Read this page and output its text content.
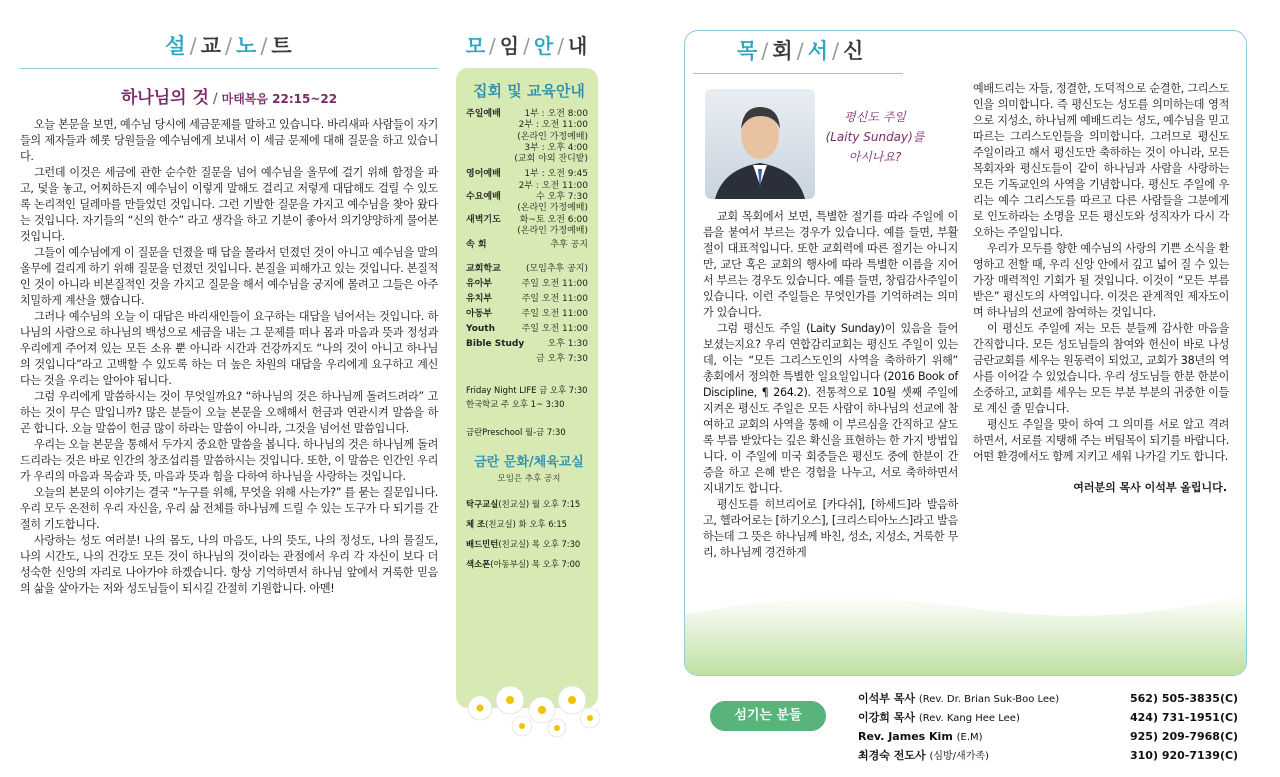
설 / 교 / 노 / 트
하나님의 것 / 마태복음 22:15~22

오늘 본문을 보면, 예수님 당시에 세금문제를 말하고 있습니다. 바리새파 사람들이 자기들의 제자들과 헤롯 당원들을 예수님에게 보내서 이 세금 문제에 대해 질문을 하고 있습니다.

그런데 이것은 세금에 관한 순수한 질문을 넘어 예수님을 올무에 걸기 위해 함정을 파고, 덫을 놓고, 어찌하든지 예수님이 이렇게 말해도 걸리고 저렇게 대답해도 걸릴 수 있도록 논리적인 딜레마를 만들었던 것입니다. 그런 기발한 질문을 가지고 예수님을 찾아 왔다는 것입니다. 자기들의 “신의 한수” 라고 생각을 하고 기분이 좋아서 의기양양하게 물어본 것입니다.

그들이 예수님에게 이 질문을 던졌을 때 답을 몰라서 던졌던 것이 아니고 예수님을 말의 올무에 걸리게 하기 위해 질문을 던졌던 것입니다. 본질을 피해가고 있는 것입니다. 본질적인 것이 아니라 비본질적인 것을 가지고 질문을 해서 예수님을 궁지에 몰려고 그들은 아주 치밀하게 계산을 했습니다.

그러나 예수님의 오늘 이 대답은 바리새인들이 요구하는 대답을 넘어서는 것입니다. 하나님의 사람으로 하나님의 백성으로 세금을 내는 그 문제를 떠나 몸과 마음과 뜻과 정성과 우리에게 주어져 있는 모든 소유 뿐 아니라 시간과 건강까지도 “나의 것이 아니고 하나님의 것입니다”라고 고백할 수 있도록 하는 더 높은 차원의 대답을 우리에게 요구하고 계신다는 것을 우리는 알아야 됩니다.

그럼 우리에게 말씀하시는 것이 무엇일까요? “하나님의 것은 하나님께 돌려드려라” 고 하는 것이 무슨 말입니까? 많은 분들이 오늘 본문을 오해해서 헌금과 연관시켜 말씀을 하곤 합니다. 오늘 말씀이 헌금 많이 하라는 말씀이 아니라, 그것을 넘어선 말씀입니다.

우리는 오늘 본문을 통해서 두가지 중요한 말씀을 봅니다. 하나님의 것은 하나님께 돌려 드리라는 것은 바로 인간의 창조섭리를 말씀하시는 것입니다. 또한, 이 말씀은 인간인 우리가 우리의 마음과 목숨과 뜻, 마음과 뜻과 힘을 다하여 하나님을 사랑하는 것입니다.

오늘의 본문의 이야기는 결국 “누구를 위해, 무엇을 위해 사는가?” 를 묻는 질문입니다. 우리 모두 온전히 우리 자신을, 우리 삶 전체를 하나님께 드릴 수 있는 도구가 다 되기를 간절히 기도합니다.

사랑하는 성도 여러분! 나의 몸도, 나의 마음도, 나의 뜻도, 나의 정성도, 나의 물질도, 나의 시간도, 나의 건강도 모든 것이 하나님의 것이라는 관점에서 우리 각 자신이 보다 더 성숙한 신앙의 자리로 나아가야 하겠습니다. 항상 기억하면서 하나님 앞에서 거룩한 믿음의 삶을 살아가는 저와 성도님들이 되시길 간절히 기원합니다. 아멘!

모 / 임 / 안 / 내
집회 및 교육안내
주일예배	1부 : 오전 8:00
2부 : 오전 11:00
(온라인 가정예배)
3부 : 오후 4:00
(교회 야외 잔디밭)
영어예배	1부 : 오전 9:45
2부 : 오전 11:00
수요예배	수 오후 7:30
(온라인 가정예배)
새벽기도	화~토 오전 6:00
(온라인 가정예배)
속 회	추후 공지
교회학교	(모임추후 공지)
유아부	주일 오전 11:00
유치부	주일 오전 11:00
아동부	주일 오전 11:00
Youth	주일 오전 11:00
Bible Study	오후 1:30
금 오후 7:30
Friday Night LIFE 금 오후 7:30
한국학교 주 오후 1~ 3:30
금란Preschool 월-금 7:30
금란 문화/체육교실
모임은 추후 공지
탁구교실(친교실) 월 오후 7:15
체 조(친교실) 화 오후 6:15
배드민턴(친교실) 목 오후 7:30
색소폰(아동부실) 목 오후 7:00
목 / 회 / 서 / 신
평신도 주일
(Laity Sunday)를
아시나요?

교회 목회에서 보면, 특별한 절기를 따라 주일에 이름을 붙여서 부르는 경우가 있습니다. 예를 들면, 부활절이 대표적입니다. 또한 교회력에 따른 절기는 아니지만, 교단 혹은 교회의 행사에 따라 특별한 이름을 지어서 부르는 경우도 있습니다. 예를 들면, 창립감사주일이 있습니다. 이런 주일들은 무엇인가를 기억하려는 의미가 있습니다.

그럼 평신도 주일 (Laity Sunday)이 있음을 들어 보셨는지요? 우리 연합감리교회는 평신도 주일이 있는데, 이는 “모든 그리스도인의 사역을 축하하기 위해” 총회에서 정의한 특별한 일요일입니다 (2016 Book of Discipline, ¶ 264.2). 전통적으로 10월 셋째 주일에 지켜온 평신도 주일은 모든 사람이 하나님의 선교에 참여하고 교회의 사역을 통해 이 부르심을 간직하고 살도록 부름 받았다는 깊은 확신을 표현하는 한 가지 방법입니다. 이 주일에 미국 회중들은 평신도 중에 한분이 간증을 하고 은혜 받은 경험을 나누고, 서로 축하하면서 지내기도 합니다.

평신도를 히브리어로 [카다쉬], [하세드]라 발음하고, 헬라어로는 [하기오스], [크리스티아노스]라고 발음하는데 그 뜻은 하나님께 바친, 성소, 지성소, 거룩한 무리, 하나님께 경건하게

예배드리는 자들, 정결한, 도덕적으로 순결한, 그리스도인을 의미합니다. 즉 평신도는 성도를 의미하는데 영적으로 지성소, 하나님께 예배드리는 성도, 예수님을 믿고 따르는 그리스도인들을 의미합니다. 그러므로 평신도 주일이라고 해서 평신도만 축하하는 것이 아니라, 모든 목회자와 평신도들이 같이 하나님과 사람을 사랑하는 모든 기독교인의 사역을 기념합니다. 평신도 주일에 우리는 예수 그리스도를 따르고 다른 사람들을 그분에게로 인도하라는 소명을 모든 평신도와 성직자가 다시 각오하는 주일입니다.

우리가 모두를 향한 예수님의 사랑의 기쁜 소식을 환영하고 전할 때, 우리 신앙 안에서 깊고 넓어 질 수 있는 가장 매력적인 기회가 될 것입니다. 이것이 “모든 부름받은” 평신도의 사역입니다. 이것은 관계적인 제자도이며 하나님의 선교에 참여하는 것입니다.

이 평신도 주일에 저는 모든 분들께 감사한 마음을 간직합니다. 모든 성도님들의 참여와 헌신이 바로 나성금란교회를 세우는 원동력이 되었고, 교회가 38년의 역사를 이어갈 수 있었습니다. 우리 성도님들 한분 한분이 소중하고, 교회를 세우는 모든 부분 부분의 귀중한 이들로 계신 줄 믿습니다.

평신도 주일을 맞이 하여 그 의미를 서로 알고 격려하면서, 서로를 지탱해 주는 버팀목이 되기를 바랍니다. 어떤 환경에서도 함께 지키고 세워 나가길 기도 합니다.

여러분의 목사 이석부 올립니다.
섬기는 분들
이석부 목사 (Rev. Dr. Brian Suk-Boo Lee)	562) 505-3835(C)
이강희 목사 (Rev. Kang Hee Lee)	424) 731-1951(C)
Rev. James Kim (E.M)	925) 209-7968(C)
최경숙 전도사 (심방/새가족)	310) 920-7139(C)
